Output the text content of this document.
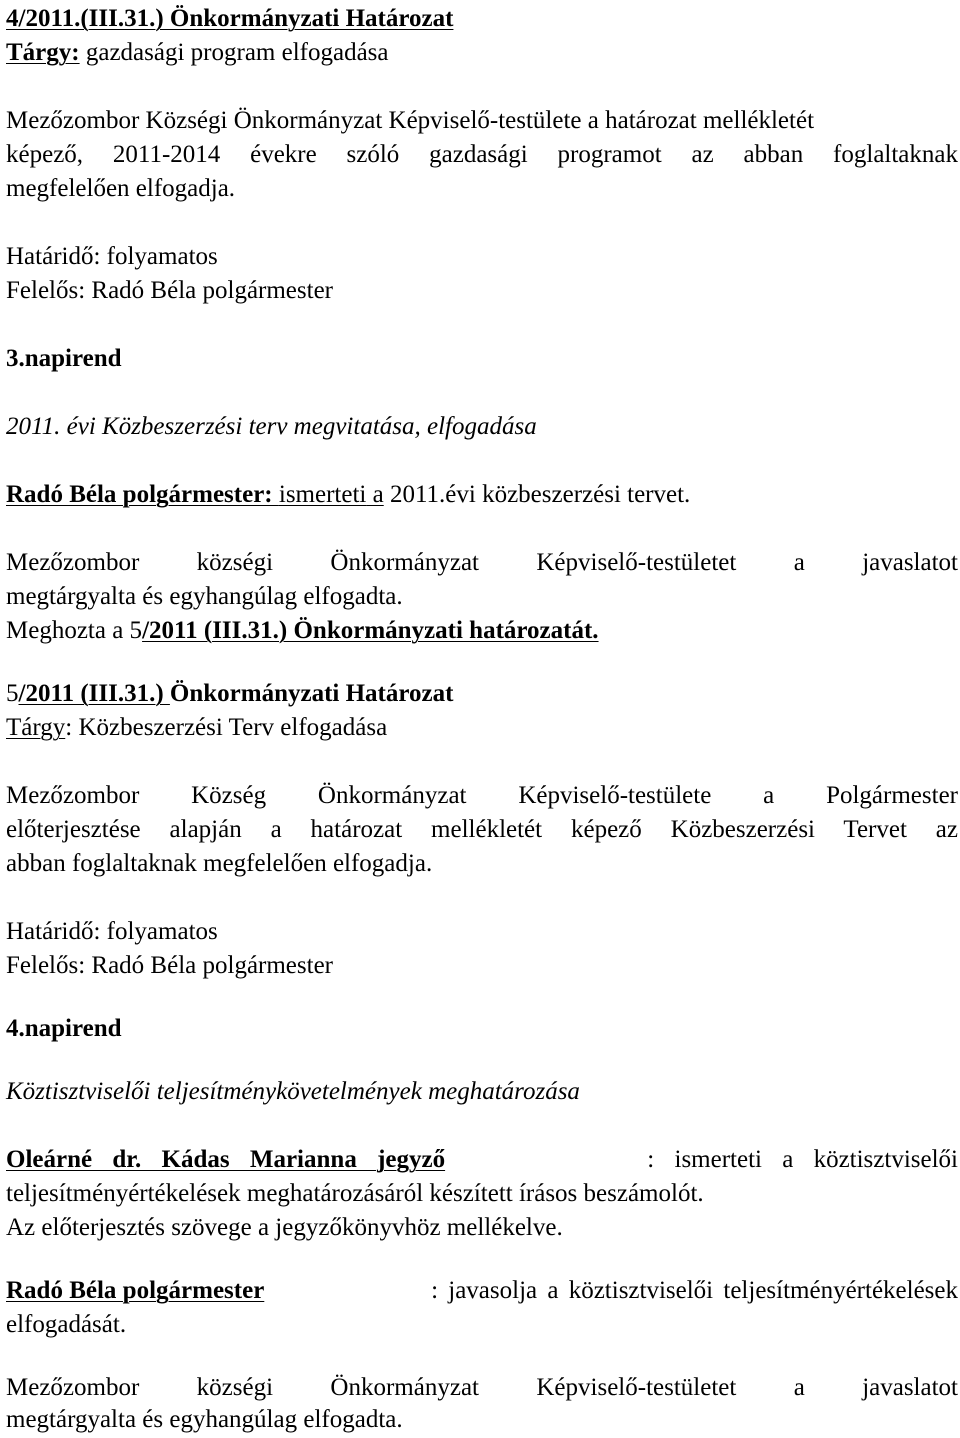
4/2011.(III.31.) Önkormányzati Határozat
Tárgy: gazdasági program elfogadása
Mezőzombor Községi Önkormányzat Képviselő-testülete a határozat mellékletét
képező, 2011-2014 évekre szóló gazdasági programot az abban foglaltaknak
megfelelően elfogadja.
Határidő: folyamatos
Felelős: Radó Béla polgármester
3.napirend
2011. évi Közbeszerzési terv megvitatása, elfogadása
Radó Béla polgármester: ismerteti a 2011.évi közbeszerzési tervet.
Mezőzombor községi Önkormányzat Képviselő-testületet a javaslatot
megtárgyalta és egyhangúlag elfogadta.
Meghozta a 5/2011 (III.31.) Önkormányzati határozatát.
5/2011 (III.31.) Önkormányzati Határozat
Tárgy: Közbeszerzési Terv elfogadása
Mezőzombor Község Önkormányzat Képviselő-testülete a Polgármester
előterjesztése alapján a határozat mellékletét képező Közbeszerzési Tervet az
abban foglaltaknak megfelelően elfogadja.
Határidő: folyamatos
Felelős: Radó Béla polgármester
4.napirend
Köztisztviselői teljesítménykövetelmények meghatározása
Oleárné dr. Kádas Marianna jegyző	: ismerteti a köztisztviselői
teljesítményértékelések meghatározásáról készített írásos beszámolót.
Az előterjesztés szövege a jegyzőkönyvhöz mellékelve.
Radó Béla polgármester	: javasolja a köztisztviselői teljesítményértékelések
elfogadását.
Mezőzombor községi Önkormányzat Képviselő-testületet a javaslatot
megtárgyalta és egyhangúlag elfogadta.
